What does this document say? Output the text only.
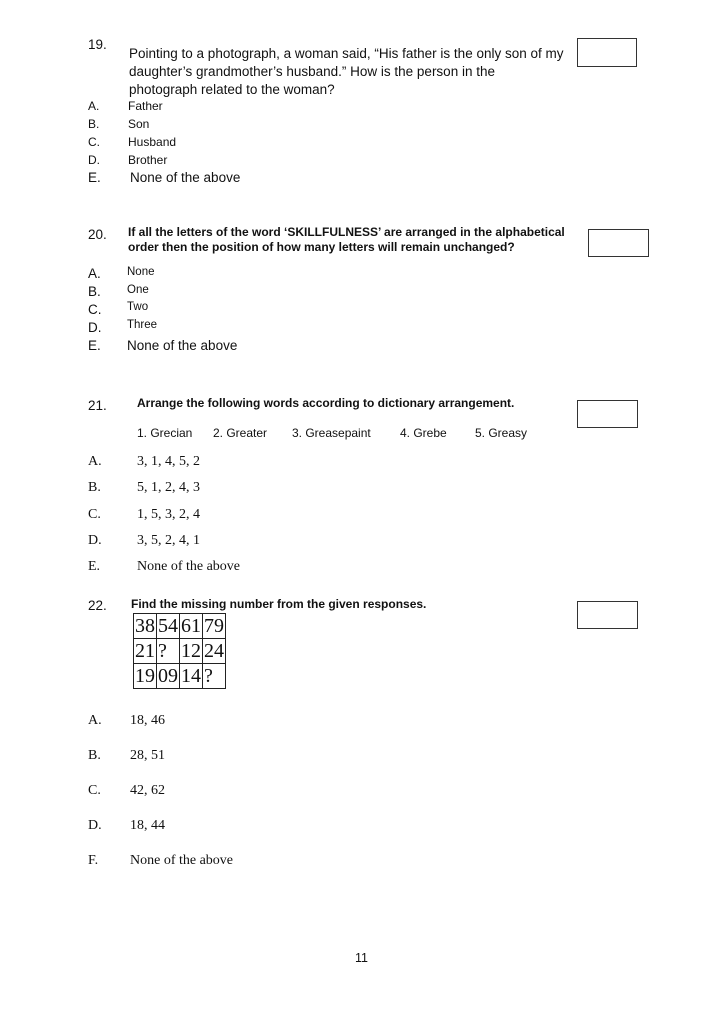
19.
Pointing to a photograph, a woman said, “His father is the only son of my
daughter’s grandmother’s husband.” How is the person in the
photograph related to the woman?
A. Father
B. Son
C. Husband
D. Brother
E. None of the above
20. If all the letters of the word ‘SKILLFULNESS’ are arranged in the alphabetical
order then the position of how many letters will remain unchanged?
A. None
B. One
C. Two
D. Three
E. None of the above
21.	Arrange the following words according to dictionary arrangement.
1. Grecian 2. Greater 3. Greasepaint 4. Grebe 5. Greasy
A.	3, 1, 4, 5, 2
B.	5, 1, 2, 4, 3
C.	1, 5, 3, 2, 4
D.	3, 5, 2, 4, 1
E.	None of the above
22. Find the missing number from the given responses.
38	54	61	79
21	?	12	24
19	09	14	?
A. 18, 46
B. 28, 51
C. 42, 62
D. 18, 44
F. None of the above
11
